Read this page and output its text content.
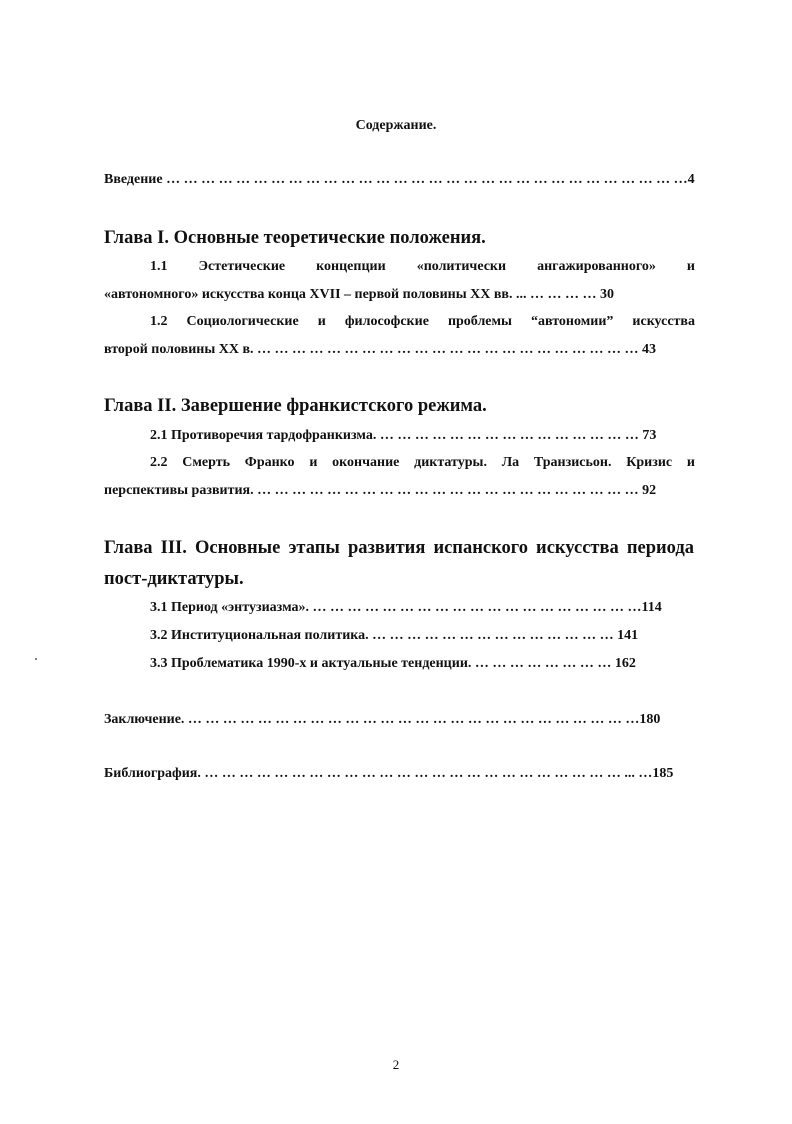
Содержание.
Введение … … … … … … … … … … … … … … … … … … … … … … … … … … … … … …4
Глава I. Основные теоретические положения.
1.1 Эстетические концепции «политически ангажированного» и
«автономного» искусства конца XVII – первой половины XX вв. ... … … … … 30
1.2 Социологические и философские проблемы “автономии” искусства
второй половины XX в. … … … … … … … … … … … … … … … … … … … … … … 43
Глава II. Завершение франкистского режима.
2.1 Противоречия тардофранкизма. … … … … … … … … … … … … … … … 73
2.2 Смерть Франко и окончание диктатуры. Ла Транзисьон. Кризис и
перспективы развития. … … … … … … … … … … … … … … … … … … … … … … 92
Глава III. Основные этапы развития испанского искусства периода
пост-диктатуры.
3.1 Период «энтузиазма». … … … … … … … … … … … … … … … … … … …114
3.2 Институциональная политика. … … … … … … … … … … … … … … 141
3.3 Проблематика 1990-х и актуальные тенденции. … … … … … … … … 162
Заключение. … … … … … … … … … … … … … … … … … … … … … … … … … …180
Библиография. … … … … … … … … … … … … … … … … … … … … … … … … ... …185
2
